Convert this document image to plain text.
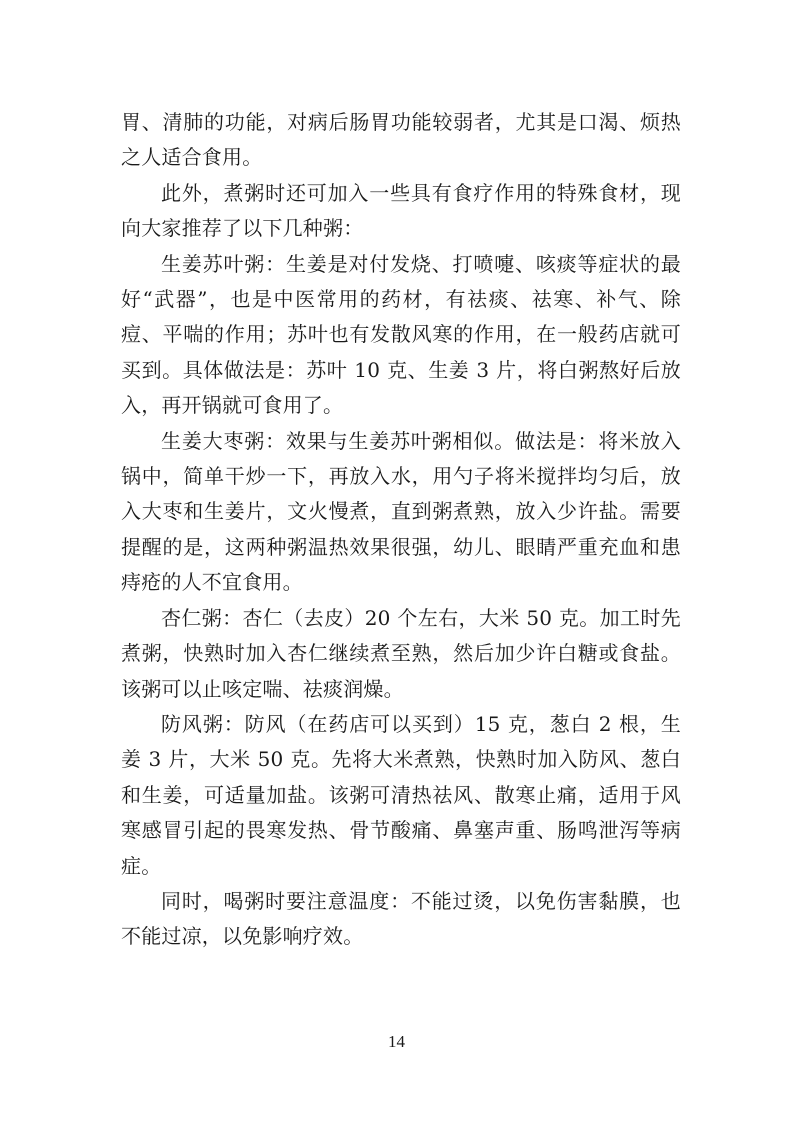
胃、清肺的功能，对病后肠胃功能较弱者，尤其是口渴、烦热之人适合食用。

此外，煮粥时还可加入一些具有食疗作用的特殊食材，现向大家推荐了以下几种粥：

生姜苏叶粥：生姜是对付发烧、打喷嚏、咳痰等症状的最好“武器”，也是中医常用的药材，有祛痰、祛寒、补气、除痘、平喘的作用；苏叶也有发散风寒的作用，在一般药店就可买到。具体做法是：苏叶 10 克、生姜 3 片，将白粥熬好后放入，再开锅就可食用了。

生姜大枣粥：效果与生姜苏叶粥相似。做法是：将米放入锅中，简单干炒一下，再放入水，用勺子将米搅拌均匀后，放入大枣和生姜片，文火慢煮，直到粥煮熟，放入少许盐。需要提醒的是，这两种粥温热效果很强，幼儿、眼睛严重充血和患痔疮的人不宜食用。

杏仁粥：杏仁（去皮）20 个左右，大米 50 克。加工时先煮粥，快熟时加入杏仁继续煮至熟，然后加少许白糖或食盐。该粥可以止咳定喘、祛痰润燥。

防风粥：防风（在药店可以买到）15 克，葱白 2 根，生姜 3 片，大米 50 克。先将大米煮熟，快熟时加入防风、葱白和生姜，可适量加盐。该粥可清热祛风、散寒止痛，适用于风寒感冒引起的畏寒发热、骨节酸痛、鼻塞声重、肠鸣泄泻等病症。

同时，喝粥时要注意温度：不能过烫，以免伤害黏膜，也不能过凉，以免影响疗效。

14
